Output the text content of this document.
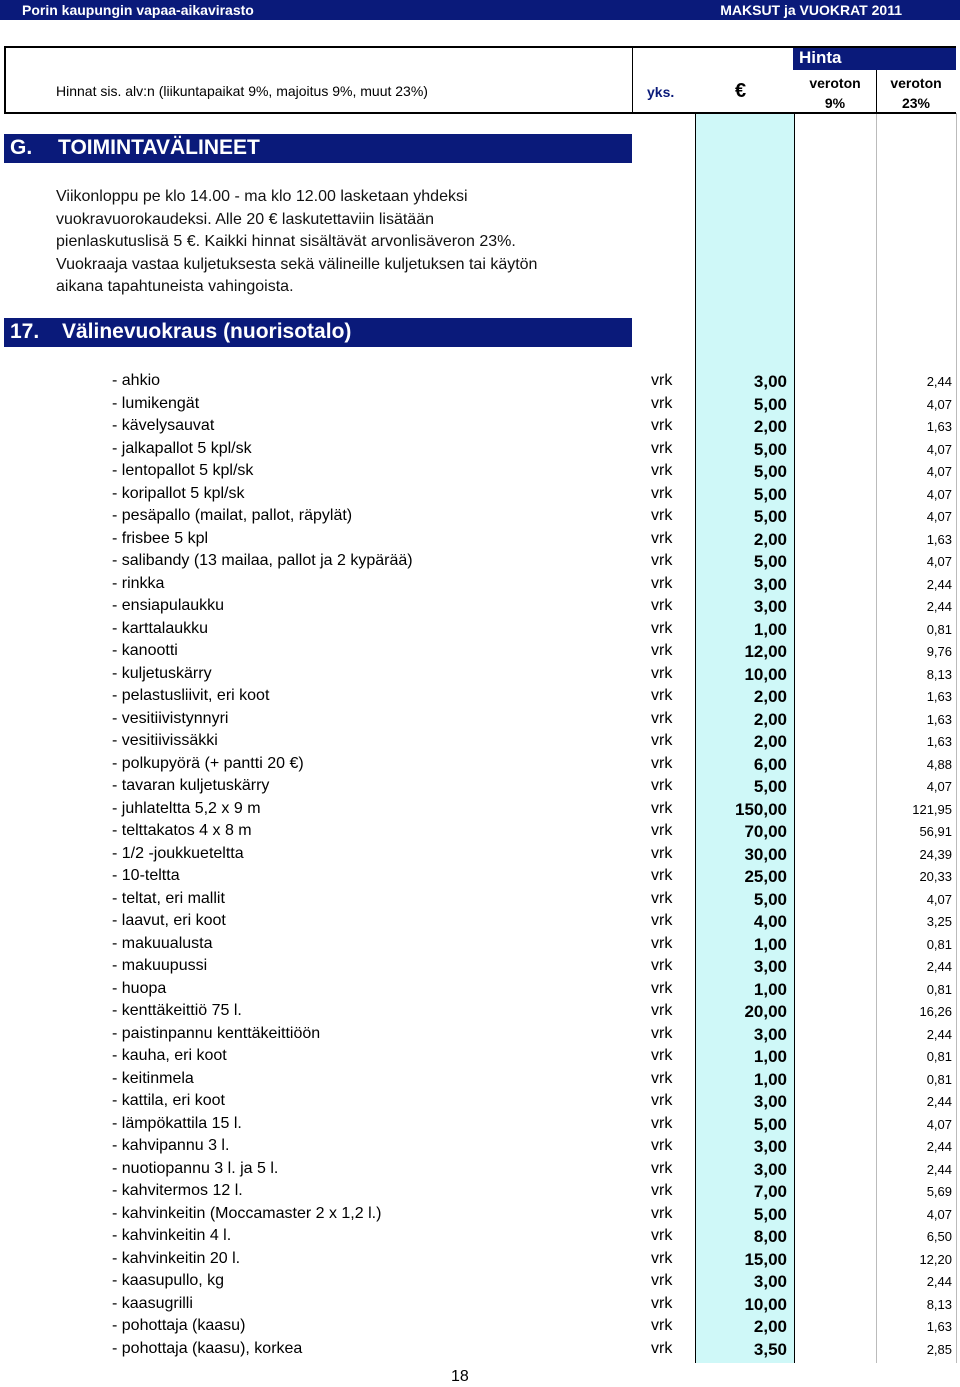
Porin kaupungin vapaa-aikavirasto	MAKSUT ja VUOKRAT 2011
Hinnat sis. alv:n (liikuntapaikat 9%, majoitus 9%, muut 23%)	yks.	€
Hinta
veroton
9%
veroton
23%
G. TOIMINTAVÄLINEET
Viikonloppu pe klo 14.00 - ma klo 12.00 lasketaan yhdeksi
vuokravuorokaudeksi. Alle 20 € laskutettaviin lisätään
pienlaskutuslisä 5 €. Kaikki hinnat sisältävät arvonlisäveron 23%.
Vuokraaja vastaa kuljetuksesta sekä välineille kuljetuksen tai käytön
aikana tapahtuneista vahingoista.
17. Välinevuokraus (nuorisotalo)
- ahkio	vrk	3,00	2,44
- lumikengät	vrk	5,00	4,07
- kävelysauvat	vrk	2,00	1,63
- jalkapallot 5 kpl/sk	vrk	5,00	4,07
- lentopallot 5 kpl/sk	vrk	5,00	4,07
- koripallot 5 kpl/sk	vrk	5,00	4,07
- pesäpallo (mailat, pallot, räpylät)	vrk	5,00	4,07
- frisbee 5 kpl	vrk	2,00	1,63
- salibandy (13 mailaa, pallot ja 2 kypärää)	vrk	5,00	4,07
- rinkka	vrk	3,00	2,44
- ensiapulaukku	vrk	3,00	2,44
- karttalaukku	vrk	1,00	0,81
- kanootti	vrk	12,00	9,76
- kuljetuskärry	vrk	10,00	8,13
- pelastusliivit, eri koot	vrk	2,00	1,63
- vesitiivistynnyri	vrk	2,00	1,63
- vesitiivissäkki	vrk	2,00	1,63
- polkupyörä (+ pantti 20 €)	vrk	6,00	4,88
- tavaran kuljetuskärry	vrk	5,00	4,07
- juhlateltta 5,2 x 9 m	vrk	150,00	121,95
- telttakatos 4 x 8 m	vrk	70,00	56,91
- 1/2 -joukkueteltta	vrk	30,00	24,39
- 10-teltta	vrk	25,00	20,33
- teltat, eri mallit	vrk	5,00	4,07
- laavut, eri koot	vrk	4,00	3,25
- makuualusta	vrk	1,00	0,81
- makuupussi	vrk	3,00	2,44
- huopa	vrk	1,00	0,81
- kenttäkeittiö 75 l.	vrk	20,00	16,26
- paistinpannu kenttäkeittiöön	vrk	3,00	2,44
- kauha, eri koot	vrk	1,00	0,81
- keitinmela	vrk	1,00	0,81
- kattila, eri koot	vrk	3,00	2,44
- lämpökattila 15 l.	vrk	5,00	4,07
- kahvipannu 3 l.	vrk	3,00	2,44
- nuotiopannu 3 l. ja 5 l.	vrk	3,00	2,44
- kahvitermos 12 l.	vrk	7,00	5,69
- kahvinkeitin (Moccamaster 2 x 1,2 l.)	vrk	5,00	4,07
- kahvinkeitin 4 l.	vrk	8,00	6,50
- kahvinkeitin 20 l.	vrk	15,00	12,20
- kaasupullo, kg	vrk	3,00	2,44
- kaasugrilli	vrk	10,00	8,13
- pohottaja (kaasu)	vrk	2,00	1,63
- pohottaja (kaasu), korkea	vrk	3,50	2,85
18
